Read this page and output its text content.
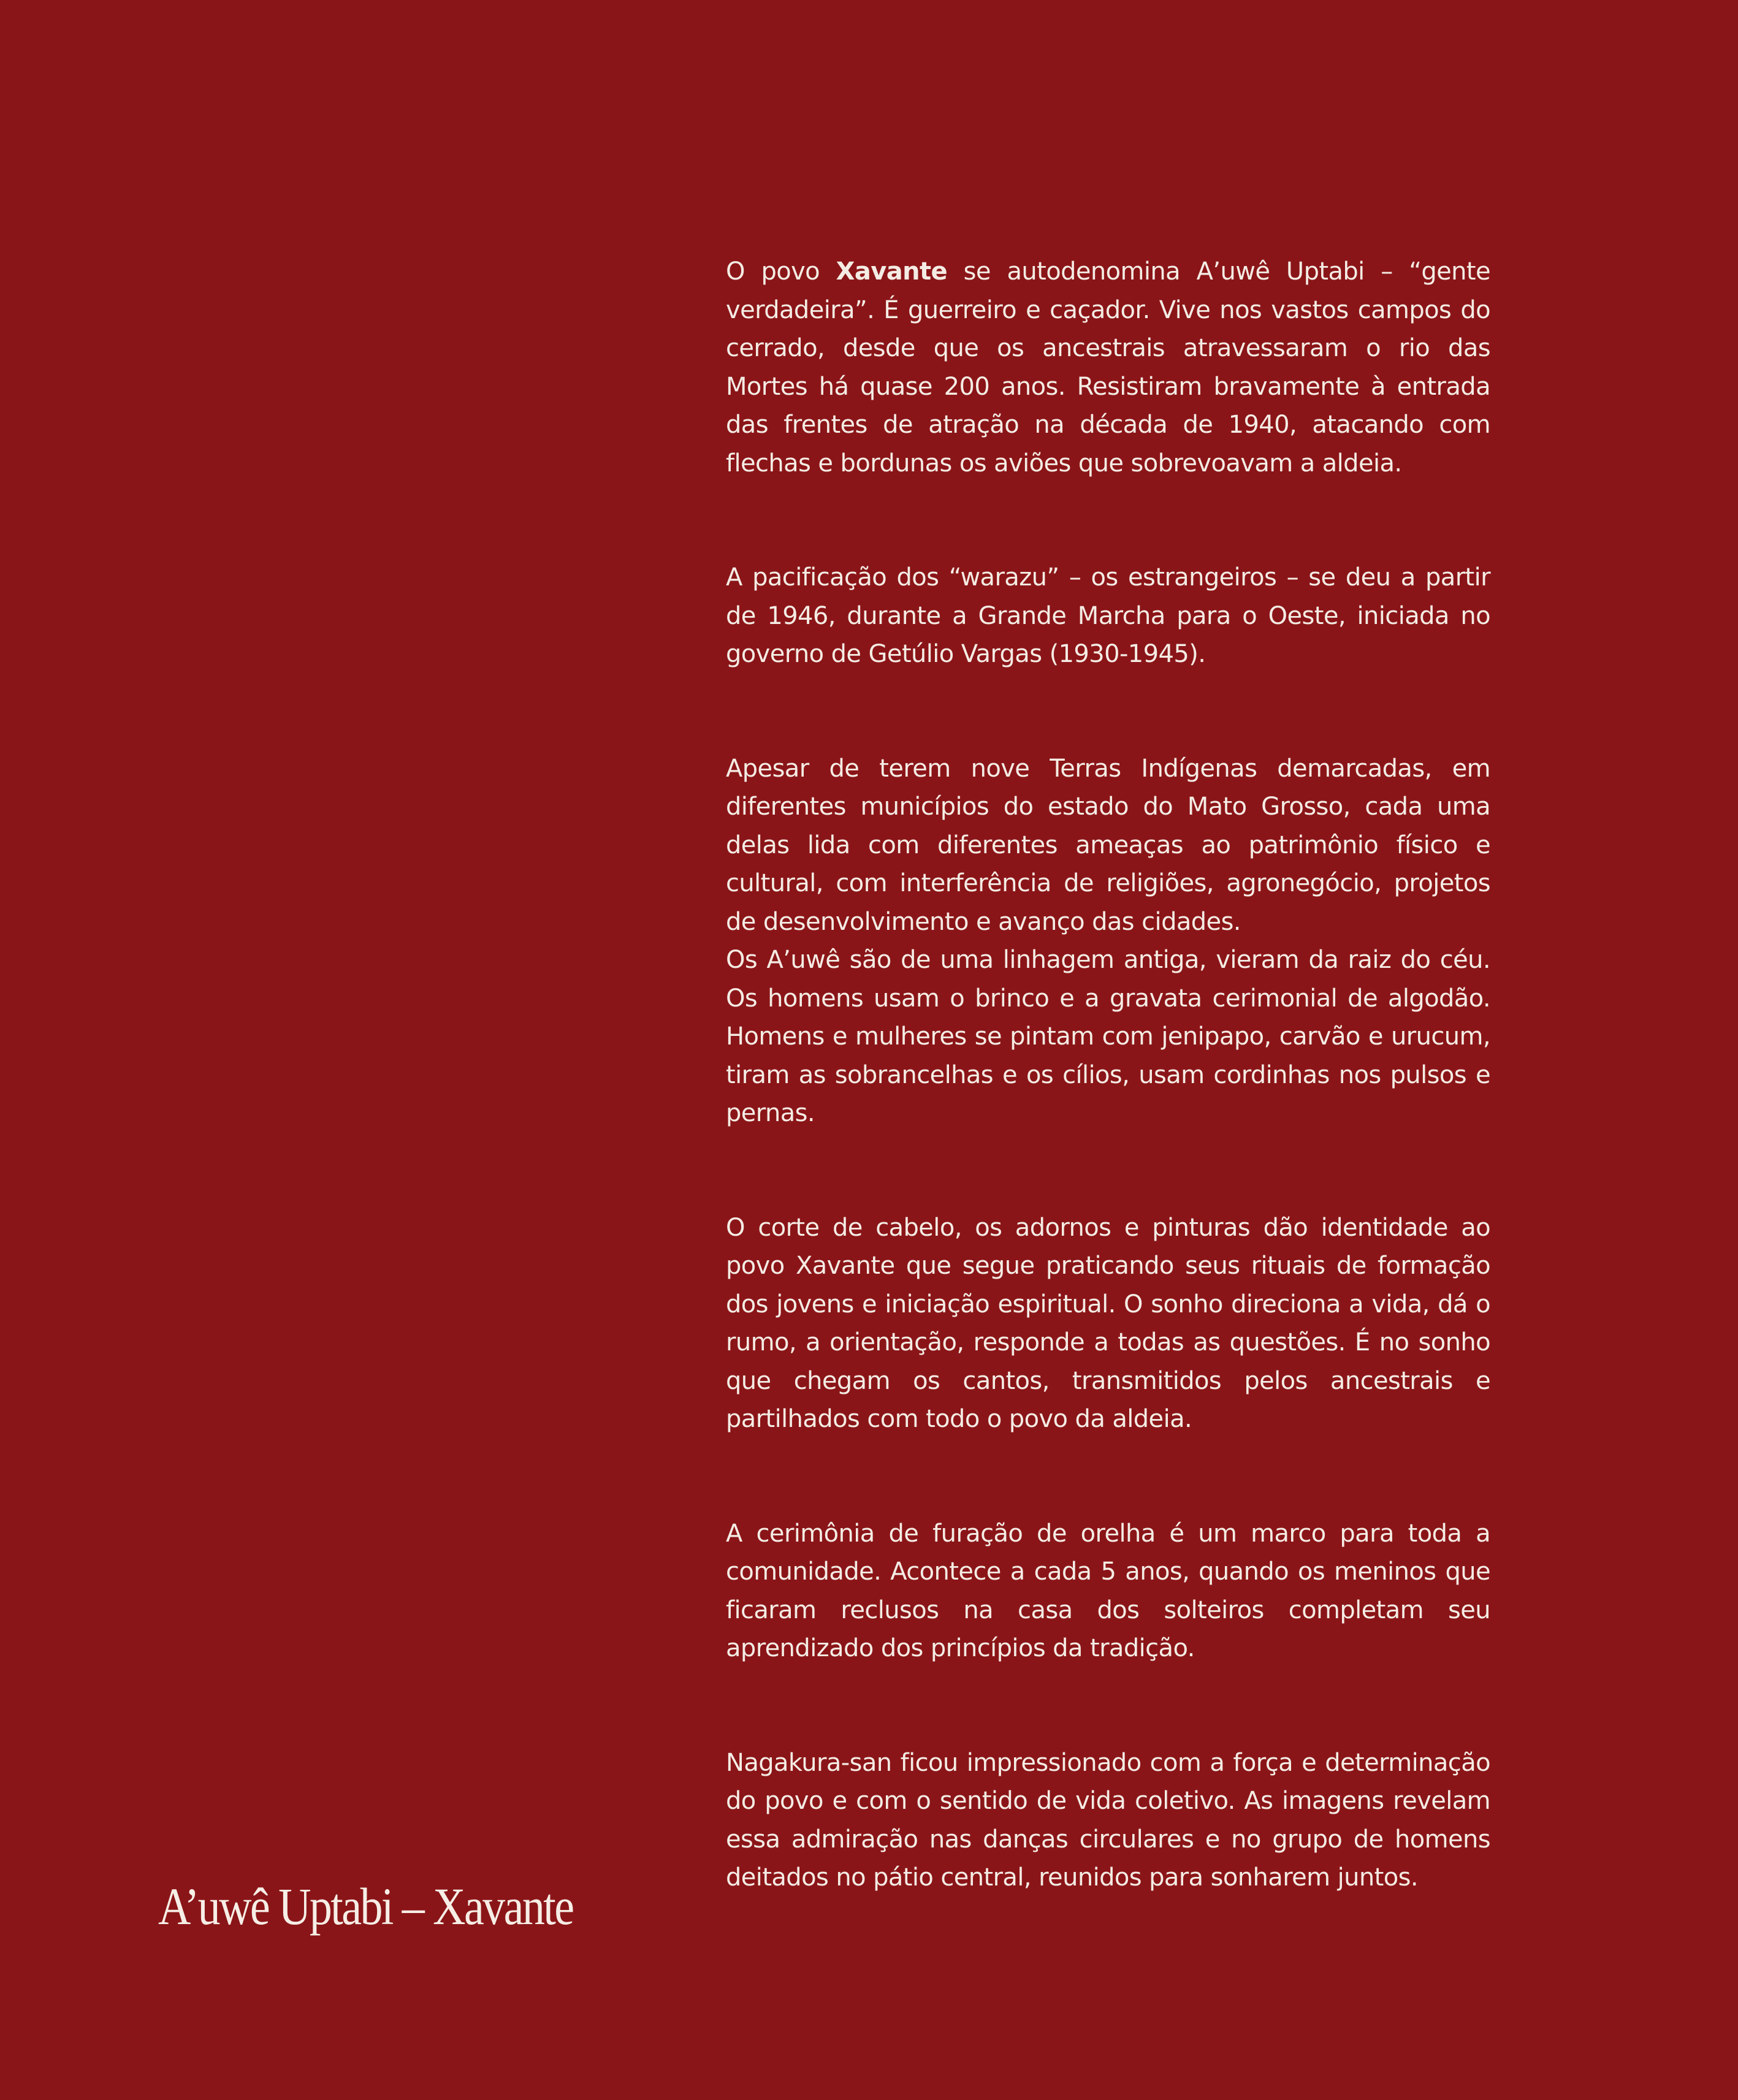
O povo Xavante se autodenomina A’uwê Uptabi – “gente verdadeira”. É guerreiro e caçador. Vive nos vastos campos do cerrado, desde que os ancestrais atravessaram o rio das Mortes há quase 200 anos. Resistiram bravamente à entrada das frentes de atração na década de 1940, atacando com flechas e bordunas os aviões que sobrevoavam a aldeia.

A pacificação dos “warazu” – os estrangeiros – se deu a partir de 1946, durante a Grande Marcha para o Oeste, iniciada no governo de Getúlio Vargas (1930-1945).

Apesar de terem nove Terras Indígenas demarcadas, em diferentes municípios do estado do Mato Grosso, cada uma delas lida com diferentes ameaças ao patrimônio físico e cultural, com interferência de religiões, agronegócio, projetos de desenvolvimento e avanço das cidades.

Os A’uwê são de uma linhagem antiga, vieram da raiz do céu. Os homens usam o brinco e a gravata cerimonial de algodão. Homens e mulheres se pintam com jenipapo, carvão e urucum, tiram as sobrancelhas e os cílios, usam cordinhas nos pulsos e pernas.

O corte de cabelo, os adornos e pinturas dão identidade ao povo Xavante que segue praticando seus rituais de formação dos jovens e iniciação espiritual. O sonho direciona a vida, dá o rumo, a orientação, responde a todas as questões. É no sonho que chegam os cantos, transmitidos pelos ancestrais e partilhados com todo o povo da aldeia.

A cerimônia de furação de orelha é um marco para toda a comunidade. Acontece a cada 5 anos, quando os meninos que ficaram reclusos na casa dos solteiros completam seu aprendizado dos princípios da tradição.

Nagakura-san ficou impressionado com a força e determinação do povo e com o sentido de vida coletivo. As imagens revelam essa admiração nas danças circulares e no grupo de homens deitados no pátio central, reunidos para sonharem juntos.

A’uwê Uptabi – Xavante
